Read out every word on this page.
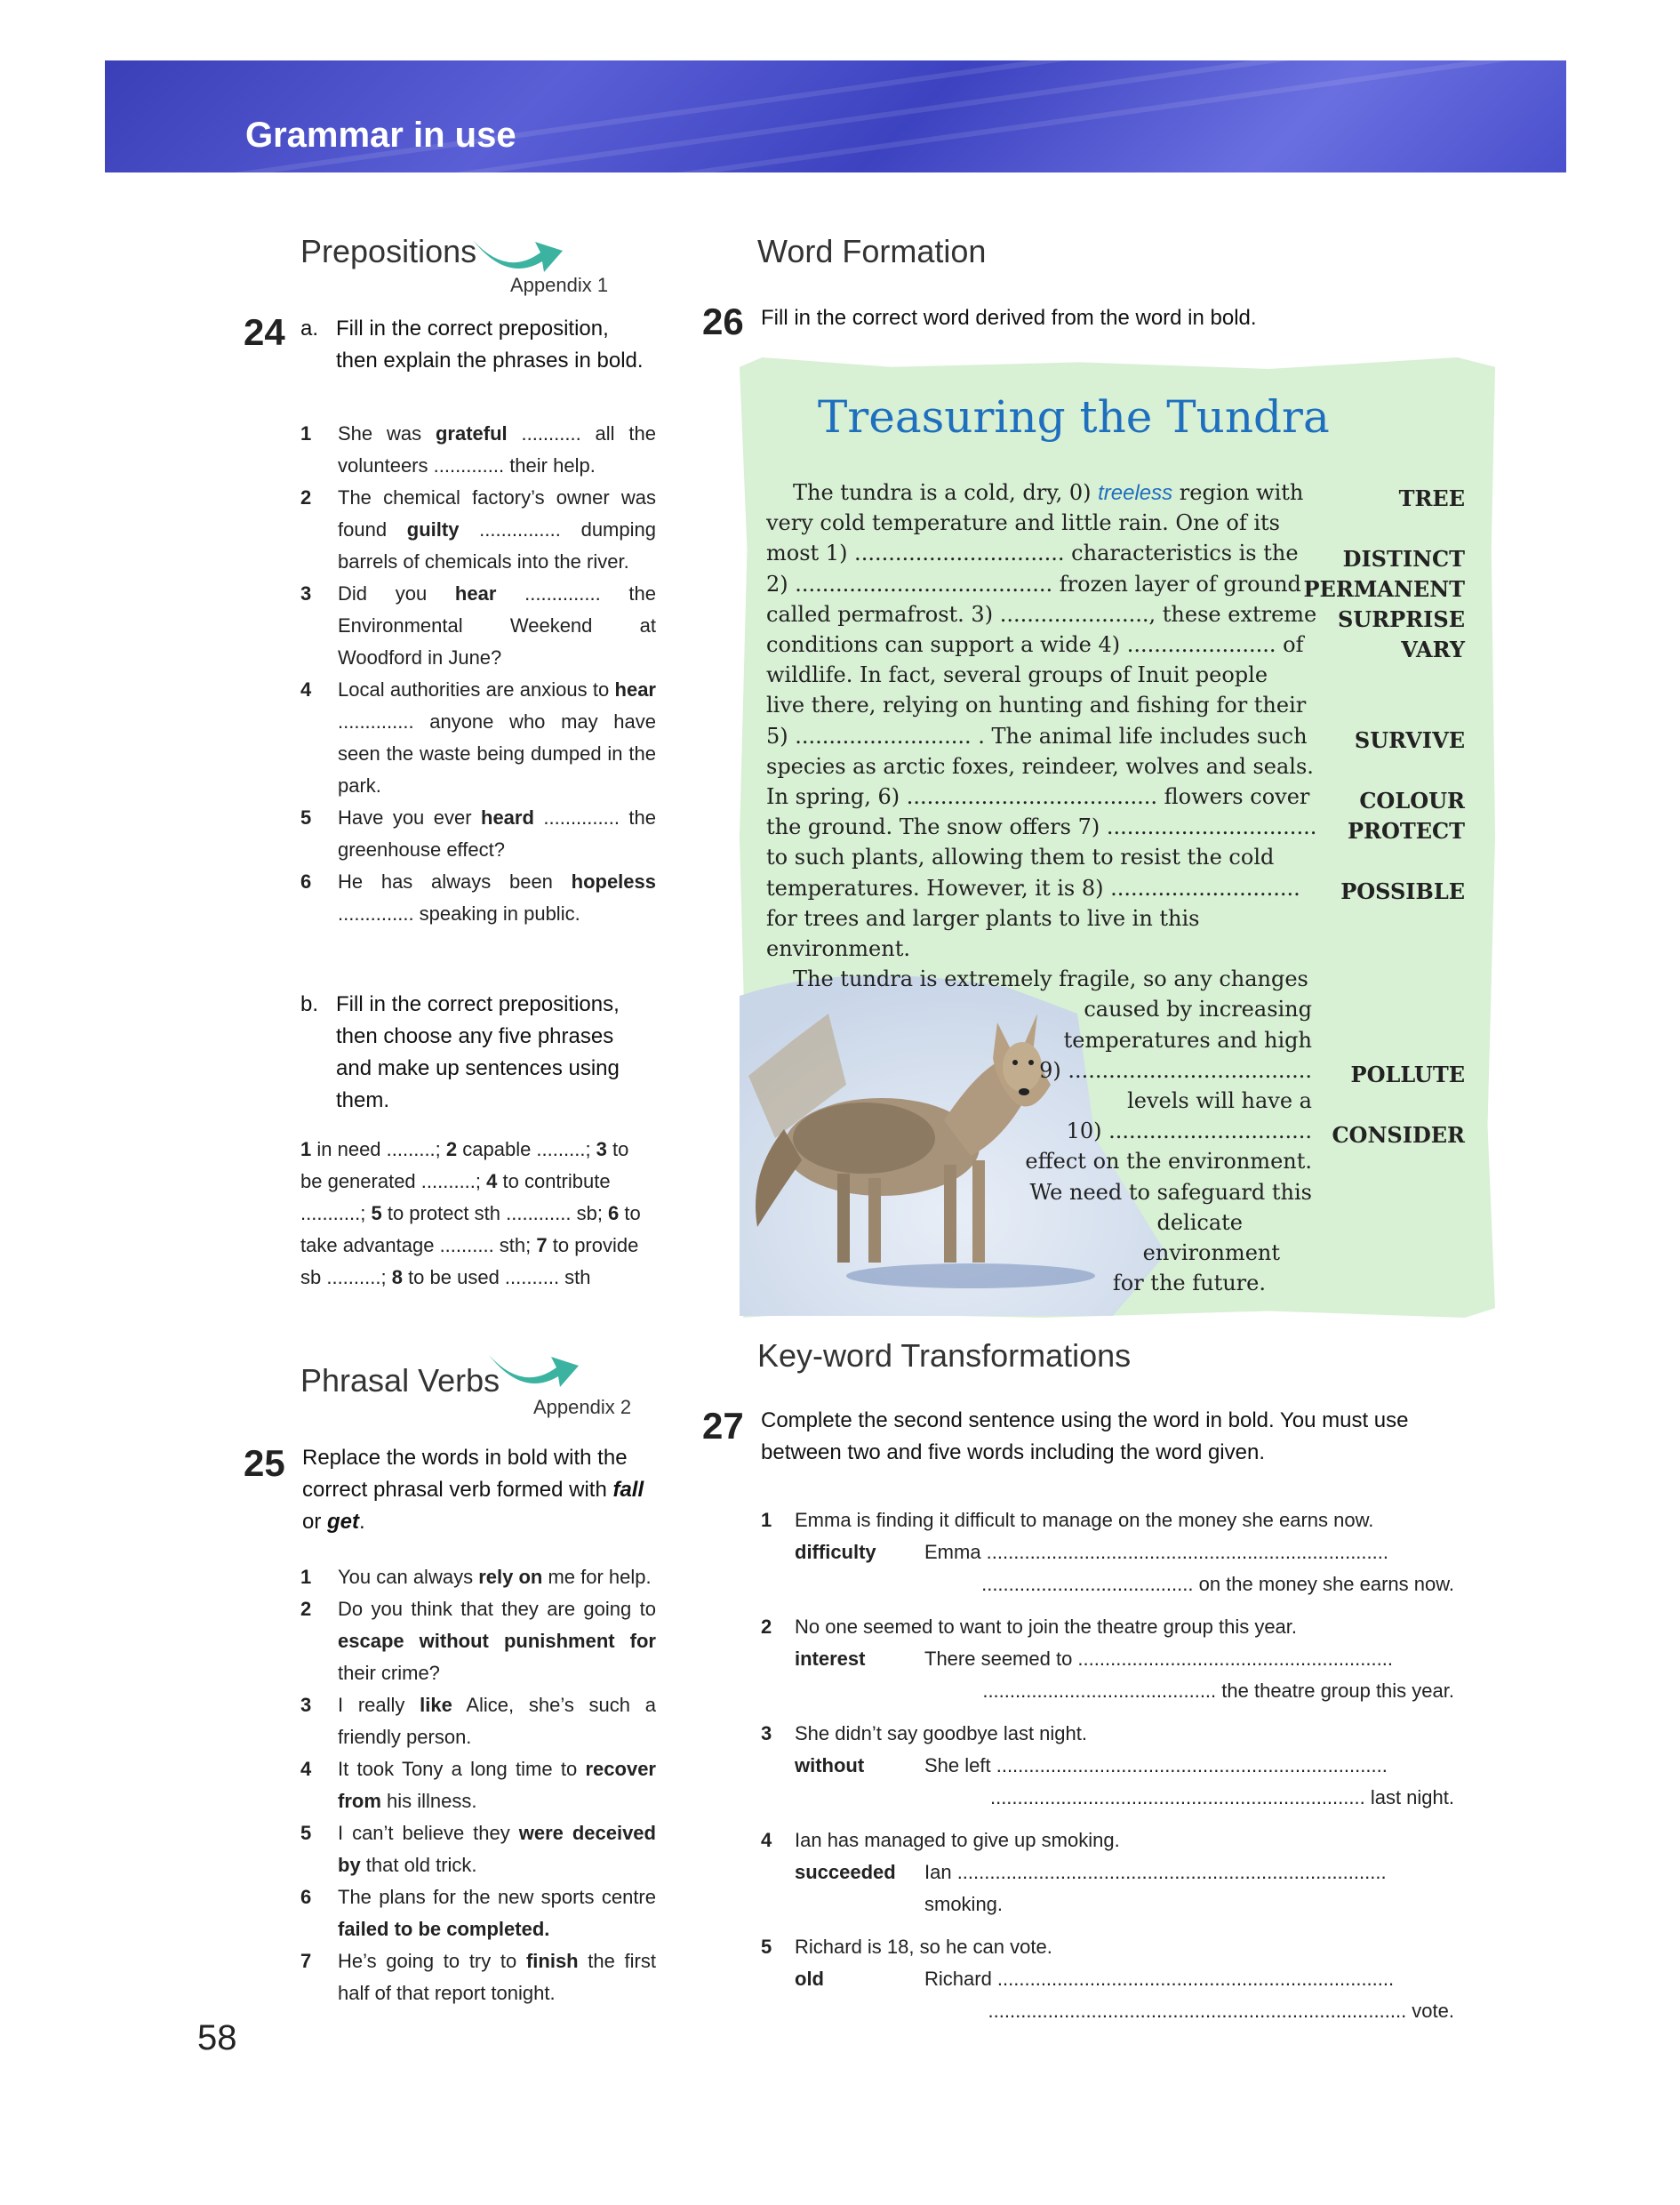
Grammar in use
Prepositions
Appendix 1
24 a. Fill in the correct preposition, then explain the phrases in bold.
1 She was grateful ........... all the volunteers ............. their help.
2 The chemical factory’s owner was found guilty ............... dumping barrels of chemicals into the river.
3 Did you hear .............. the Environmental Weekend at Woodford in June?
4 Local authorities are anxious to hear .............. anyone who may have seen the waste being dumped in the park.
5 Have you ever heard .............. the greenhouse effect?
6 He has always been hopeless .............. speaking in public.
b. Fill in the correct prepositions, then choose any five phrases and make up sentences using them.
1 in need .........; 2 capable .........; 3 to be generated ..........; 4 to contribute ...........; 5 to protect sth ............ sb; 6 to take advantage .......... sth; 7 to provide sb ..........; 8 to be used .......... sth
Phrasal Verbs
Appendix 2
25 Replace the words in bold with the correct phrasal verb formed with fall or get.
1 You can always rely on me for help.
2 Do you think that they are going to escape without punishment for their crime?
3 I really like Alice, she’s such a friendly person.
4 It took Tony a long time to recover from his illness.
5 I can’t believe they were deceived by that old trick.
6 The plans for the new sports centre failed to be completed.
7 He’s going to try to finish the first half of that report tonight.
58
Word Formation
26 Fill in the correct word derived from the word in bold.
Treasuring the Tundra
The tundra is a cold, dry, 0) treeless region with
very cold temperature and little rain. One of its
most 1) ............................... characteristics is the
2) ...................................... frozen layer of ground
called permafrost. 3) ......................, these extreme
conditions can support a wide 4) ...................... of
wildlife. In fact, several groups of Inuit people
live there, relying on hunting and fishing for their
5) .......................... . The animal life includes such
species as arctic foxes, reindeer, wolves and seals.
In spring, 6) ..................................... flowers cover
the ground. The snow offers 7) ...............................
to such plants, allowing them to resist the cold
temperatures. However, it is 8) ............................
for trees and larger plants to live in this
environment.
The tundra is extremely fragile, so any changes
caused by increasing
temperatures and high
9) ....................................
levels will have a
10) ..............................
effect on the environment.
We need to safeguard this
delicate
environment
for the future.
TREE
DISTINCT
PERMANENT
SURPRISE
VARY
SURVIVE
COLOUR
PROTECT
POSSIBLE
POLLUTE
CONSIDER
Key-word Transformations
27 Complete the second sentence using the word in bold. You must use between two and five words including the word given.
1 Emma is finding it difficult to manage on the money she earns now.
difficulty Emma ..........................................................................
....................................... on the money she earns now.
2 No one seemed to want to join the theatre group this year.
interest	There seemed to ..........................................................
........................................... the theatre group this year.
3 She didn’t say goodbye last night.
without	She left ........................................................................
..................................................................... last night.
4 Ian has managed to give up smoking.
succeeded Ian ...............................................................................
smoking.
5 Richard is 18, so he can vote.
old	Richard .........................................................................
............................................................................. vote.
